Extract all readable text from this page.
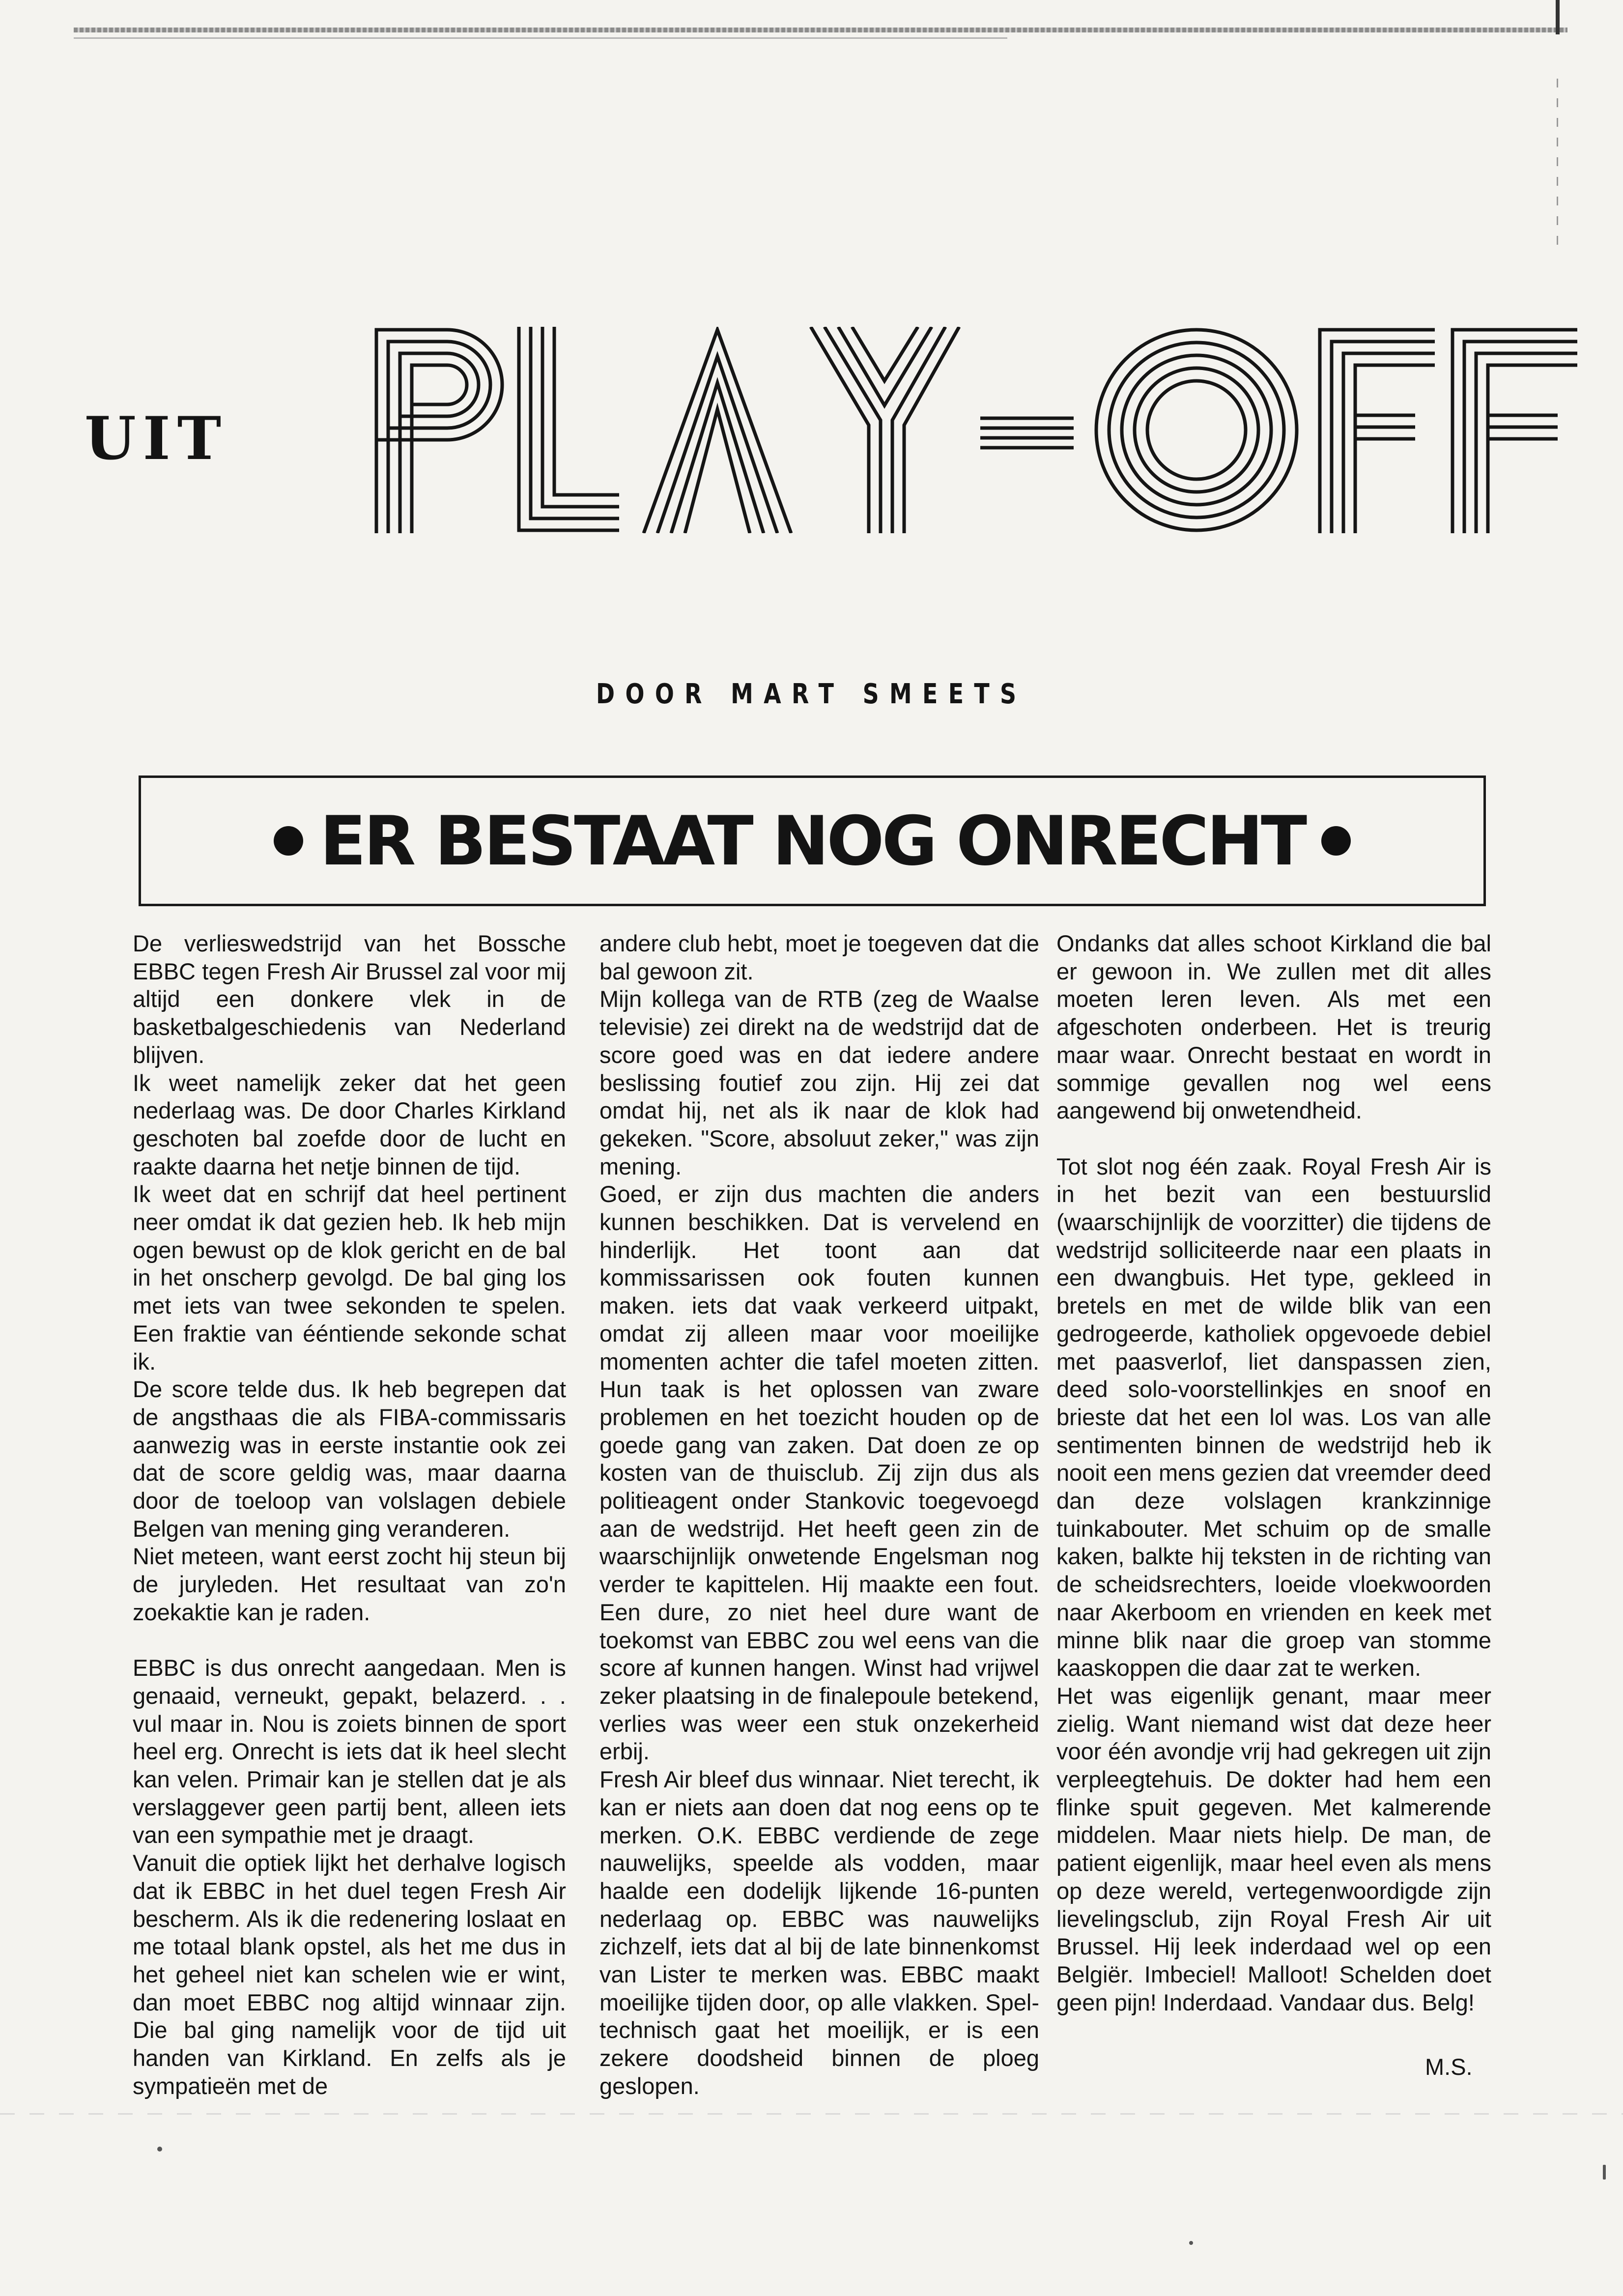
UIT
PLAY-OFF
DOOR MART SMEETS
ER BESTAAT NOG ONRECHT

De verlieswedstrijd van het Bossche EBBC tegen Fresh Air Brussel zal voor mij altijd een donkere vlek in de basketbalgeschiedenis van Nederland blijven.

Ik weet namelijk zeker dat het geen nederlaag was. De door Charles Kirkland geschoten bal zoefde door de lucht en raakte daarna het netje binnen de tijd.

Ik weet dat en schrijf dat heel pertinent neer omdat ik dat gezien heb. Ik heb mijn ogen bewust op de klok gericht en de bal in het onscherp gevolgd. De bal ging los met iets van twee sekonden te spelen. Een fraktie van ééntiende sekonde schat ik.

De score telde dus. Ik heb begrepen dat de angsthaas die als FIBA-commissaris aanwezig was in eerste instantie ook zei dat de score geldig was, maar daarna door de toeloop van volslagen debiele Belgen van mening ging veranderen.

Niet meteen, want eerst zocht hij steun bij de juryleden. Het resultaat van zo'n zoekaktie kan je raden.

EBBC is dus onrecht aangedaan. Men is genaaid, verneukt, gepakt, belazerd. . . vul maar in. Nou is zoiets binnen de sport heel erg. Onrecht is iets dat ik heel slecht kan velen. Primair kan je stellen dat je als verslaggever geen partij bent, alleen iets van een sympathie met je draagt.

Vanuit die optiek lijkt het derhalve logisch dat ik EBBC in het duel tegen Fresh Air bescherm. Als ik die redenering loslaat en me totaal blank opstel, als het me dus in het geheel niet kan schelen wie er wint, dan moet EBBC nog altijd winnaar zijn. Die bal ging namelijk voor de tijd uit handen van Kirkland. En zelfs als je sympatieën met de

andere club hebt, moet je toegeven dat die bal gewoon zit.

Mijn kollega van de RTB (zeg de Waalse televisie) zei direkt na de wedstrijd dat de score goed was en dat iedere andere beslissing foutief zou zijn. Hij zei dat omdat hij, net als ik naar de klok had gekeken. "Score, absoluut zeker," was zijn mening.

Goed, er zijn dus machten die anders kunnen beschikken. Dat is vervelend en hinderlijk. Het toont aan dat kommissarissen ook fouten kunnen maken. iets dat vaak verkeerd uitpakt, omdat zij alleen maar voor moeilijke momenten achter die tafel moeten zitten. Hun taak is het oplossen van zware problemen en het toezicht houden op de goede gang van zaken. Dat doen ze op kosten van de thuisclub. Zij zijn dus als politieagent onder Stankovic toegevoegd aan de wedstrijd. Het heeft geen zin de waarschijnlijk onwetende Engelsman nog verder te kapittelen. Hij maakte een fout. Een dure, zo niet heel dure want de toekomst van EBBC zou wel eens van die score af kunnen hangen. Winst had vrijwel zeker plaatsing in de finalepoule betekend, verlies was weer een stuk onzekerheid erbij.

Fresh Air bleef dus winnaar. Niet terecht, ik kan er niets aan doen dat nog eens op te merken. O.K. EBBC verdiende de zege nauwelijks, speelde als vodden, maar haalde een dodelijk lijkende 16-punten nederlaag op. EBBC was nauwelijks zichzelf, iets dat al bij de late binnenkomst van Lister te merken was. EBBC maakt moeilijke tijden door, op alle vlakken. Spel-technisch gaat het moeilijk, er is een zekere doodsheid binnen de ploeg geslopen.

Ondanks dat alles schoot Kirkland die bal er gewoon in. We zullen met dit alles moeten leren leven. Als met een afgeschoten onderbeen. Het is treurig maar waar. Onrecht bestaat en wordt in sommige gevallen nog wel eens aangewend bij onwetendheid.

Tot slot nog één zaak. Royal Fresh Air is in het bezit van een bestuurslid (waarschijnlijk de voorzitter) die tijdens de wedstrijd solliciteerde naar een plaats in een dwangbuis. Het type, gekleed in bretels en met de wilde blik van een gedrogeerde, katholiek opgevoede debiel met paasverlof, liet danspassen zien, deed solo-voorstellinkjes en snoof en brieste dat het een lol was. Los van alle sentimenten binnen de wedstrijd heb ik nooit een mens gezien dat vreemder deed dan deze volslagen krankzinnige tuinkabouter. Met schuim op de smalle kaken, balkte hij teksten in de richting van de scheidsrechters, loeide vloekwoorden naar Akerboom en vrienden en keek met minne blik naar die groep van stomme kaaskoppen die daar zat te werken.

Het was eigenlijk genant, maar meer zielig. Want niemand wist dat deze heer voor één avondje vrij had gekregen uit zijn verpleegtehuis. De dokter had hem een flinke spuit gegeven. Met kalmerende middelen. Maar niets hielp. De man, de patient eigenlijk, maar heel even als mens op deze wereld, vertegenwoordigde zijn lievelingsclub, zijn Royal Fresh Air uit Brussel. Hij leek inderdaad wel op een Belgiër. Imbeciel! Malloot! Schelden doet geen pijn! Inderdaad. Vandaar dus. Belg!

M.S.
